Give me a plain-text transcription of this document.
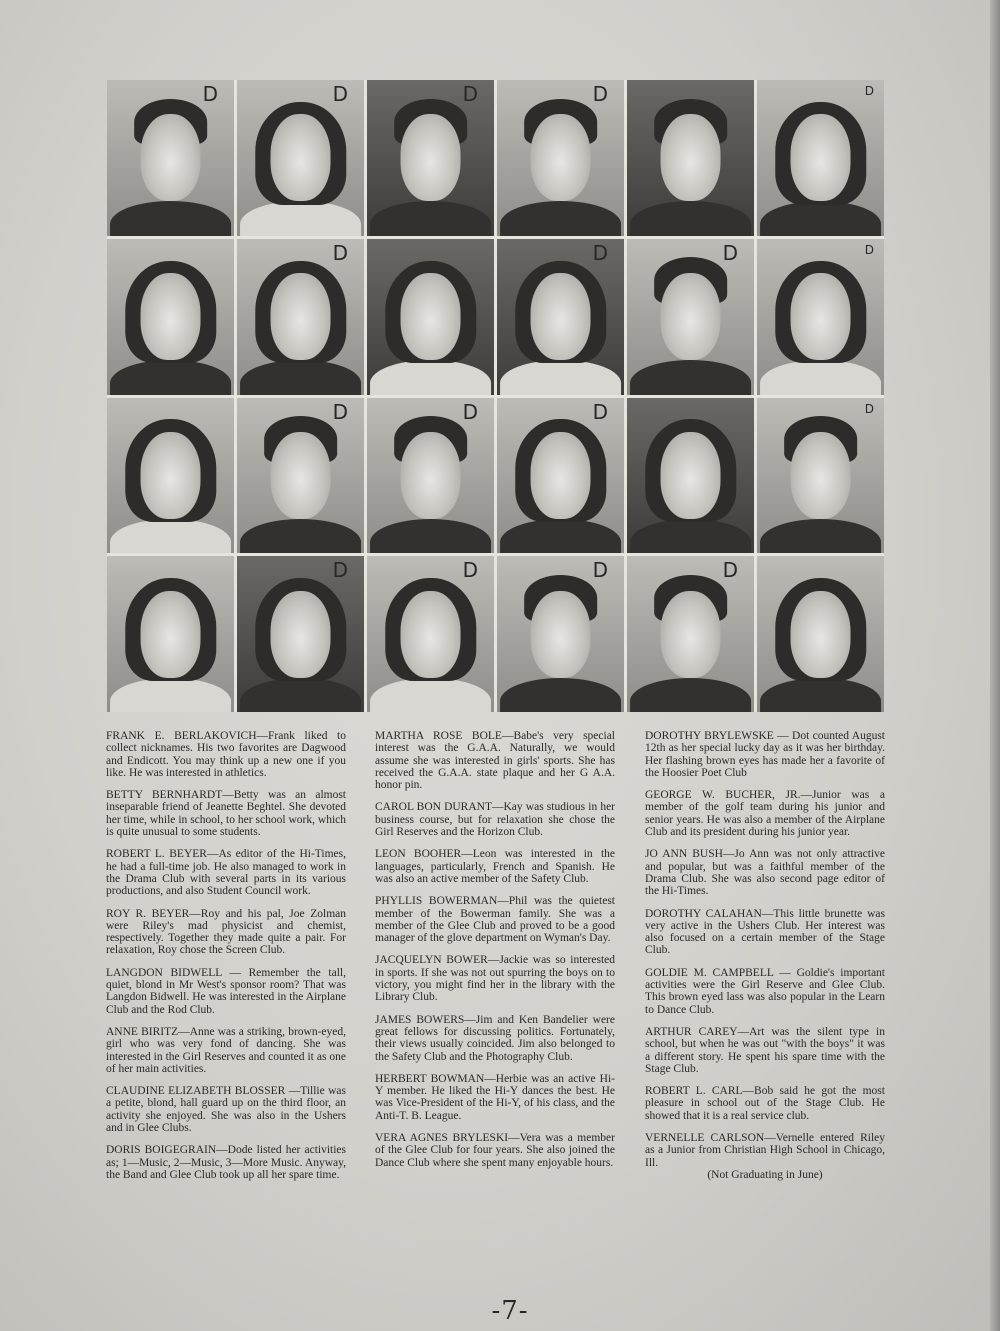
D	D	D	D	D
D	D	D	D
D	D	D	D
D	D	D	D

FRANK E. BERLAKOVICH—Frank liked to collect nicknames. His two favorites are Dagwood and Endicott. You may think up a new one if you like. He was interested in athletics.

BETTY BERNHARDT—Betty was an almost inseparable friend of Jeanette Beghtel. She devoted her time, while in school, to her school work, which is quite unusual to some students.

ROBERT L. BEYER—As editor of the Hi-Times, he had a full-time job. He also managed to work in the Drama Club with several parts in its various productions, and also Student Council work.

ROY R. BEYER—Roy and his pal, Joe Zolman were Riley's mad physicist and chemist, respectively. Together they made quite a pair. For relaxation, Roy chose the Screen Club.

LANGDON BIDWELL — Remember the tall, quiet, blond in Mr West's sponsor room? That was Langdon Bidwell. He was interested in the Airplane Club and the Rod Club.

ANNE BIRITZ—Anne was a striking, brown-eyed, girl who was very fond of dancing. She was interested in the Girl Reserves and counted it as one of her main activities.

CLAUDINE ELIZABETH BLOSSER —Tillie was a petite, blond, hall guard up on the third floor, an activity she enjoyed. She was also in the Ushers and in Glee Clubs.

DORIS BOIGEGRAIN—Dode listed her activities as; 1—Music, 2—Music, 3—More Music. Anyway, the Band and Glee Club took up all her spare time.

MARTHA ROSE BOLE—Babe's very special interest was the G.A.A. Naturally, we would assume she was interested in girls' sports. She has received the G.A.A. state plaque and her G A.A. honor pin.

CAROL BON DURANT—Kay was studious in her business course, but for relaxation she chose the Girl Reserves and the Horizon Club.

LEON BOOHER—Leon was interested in the languages, particularly, French and Spanish. He was also an active member of the Safety Club.

PHYLLIS BOWERMAN—Phil was the quietest member of the Bowerman family. She was a member of the Glee Club and proved to be a good manager of the glove department on Wyman's Day.

JACQUELYN BOWER—Jackie was so interested in sports. If she was not out spurring the boys on to victory, you might find her in the library with the Library Club.

JAMES BOWERS—Jim and Ken Bandelier were great fellows for discussing politics. Fortunately, their views usually coincided. Jim also belonged to the Safety Club and the Photography Club.

HERBERT BOWMAN—Herbie was an active Hi-Y member. He liked the Hi-Y dances the best. He was Vice-President of the Hi-Y, of his class, and the Anti-T. B. League.

VERA AGNES BRYLESKI—Vera was a member of the Glee Club for four years. She also joined the Dance Club where she spent many enjoyable hours.

DOROTHY BRYLEWSKE — Dot counted August 12th as her special lucky day as it was her birthday. Her flashing brown eyes has made her a favorite of the Hoosier Poet Club

GEORGE W. BUCHER, JR.—Junior was a member of the golf team during his junior and senior years. He was also a member of the Airplane Club and its president during his junior year.

JO ANN BUSH—Jo Ann was not only attractive and popular, but was a faithful member of the Drama Club. She was also second page editor of the Hi-Times.

DOROTHY CALAHAN—This little brunette was very active in the Ushers Club. Her interest was also focused on a certain member of the Stage Club.

GOLDIE M. CAMPBELL — Goldie's important activities were the Girl Reserve and Glee Club. This brown eyed lass was also popular in the Learn to Dance Club.

ARTHUR CAREY—Art was the silent type in school, but when he was out "with the boys" it was a different story. He spent his spare time with the Stage Club.

ROBERT L. CARL—Bob said he got the most pleasure in school out of the Stage Club. He showed that it is a real service club.

VERNELLE CARLSON—Vernelle entered Riley as a Junior from Christian High School in Chicago, Ill.

(Not Graduating in June)

-7-
